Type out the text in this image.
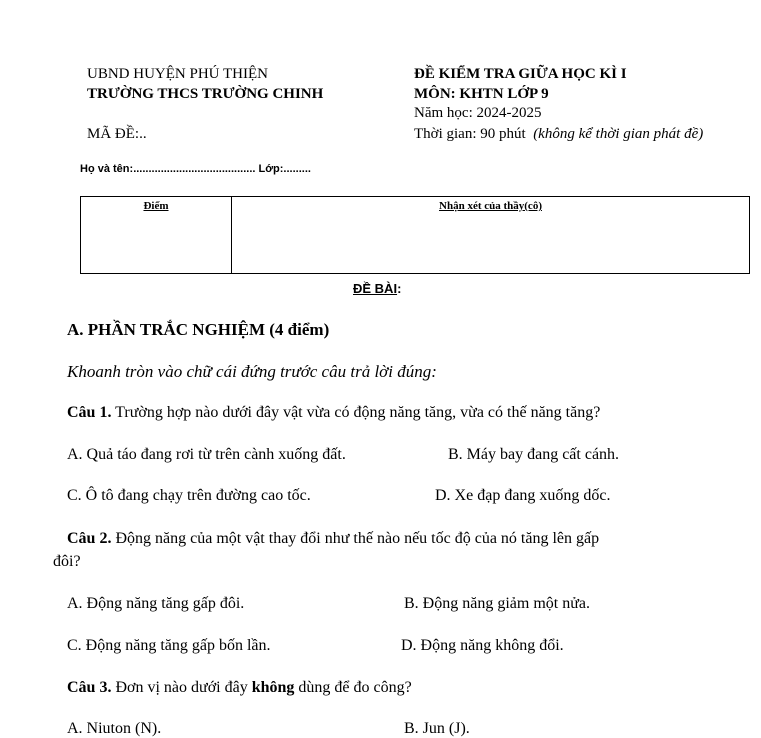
UBND HUYỆN PHÚ THIỆN
TRƯỜNG THCS TRƯỜNG CHINH
MÃ ĐỀ:..
ĐỀ KIỂM TRA GIỮA HỌC KÌ I
MÔN: KHTN LỚP 9
Năm học: 2024-2025
Thời gian: 90 phút (không kể thời gian phát đề)
Họ và tên:........................................ Lớp:.........
Điểm	Nhận xét của thầy(cô)
ĐỀ BÀI:
A. PHẦN TRẮC NGHIỆM (4 điểm)
Khoanh tròn vào chữ cái đứng trước câu trả lời đúng:
Câu 1. Trường hợp nào dưới đây vật vừa có động năng tăng, vừa có thế năng tăng?
A. Quả táo đang rơi từ trên cành xuống đất.	B. Máy bay đang cất cánh.
C. Ô tô đang chạy trên đường cao tốc.	D. Xe đạp đang xuống dốc.
Câu 2. Động năng của một vật thay đổi như thế nào nếu tốc độ của nó tăng lên gấp
đôi?
A. Động năng tăng gấp đôi.	B. Động năng giảm một nửa.
C. Động năng tăng gấp bốn lần.	D. Động năng không đổi.
Câu 3. Đơn vị nào dưới đây không dùng để đo công?
A. Niuton (N).	B. Jun (J).
